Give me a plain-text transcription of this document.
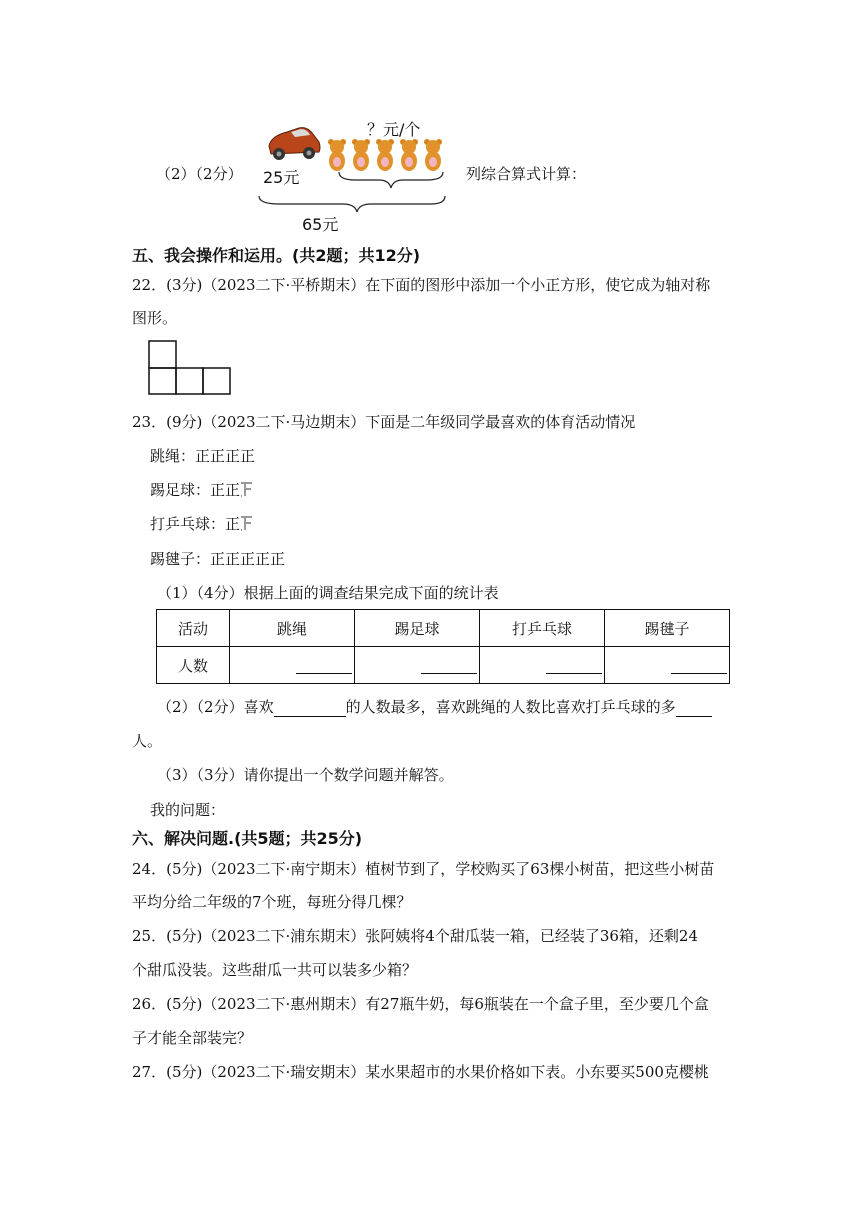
（2）（2分）
？元/个
25元
65元
列综合算式计算：
五、我会操作和运用。(共2题；共12分)
22．(3分)（2023二下·平桥期末）在下面的图形中添加一个小正方形，使它成为轴对称
图形。
23．(9分)（2023二下·马边期末）下面是二年级同学最喜欢的体育活动情况
跳绳：正正正正
踢足球：正正
打乒乓球：正
踢毽子：正正正正正
（1）（4分）根据上面的调查结果完成下面的统计表
活动	跳绳	踢足球	打乒乓球	踢毽子
人数	

（2）（2分）喜欢	的人数最多，喜欢跳绳的人数比喜欢打乒乓球的多
人。
（3）（3分）请你提出一个数学问题并解答。
我的问题：
六、解决问题.(共5题；共25分)
24．(5分)（2023二下·南宁期末）植树节到了，学校购买了63棵小树苗，把这些小树苗
平均分给二年级的7个班，每班分得几棵？
25．(5分)（2023二下·浦东期末）张阿姨将4个甜瓜装一箱，已经装了36箱，还剩24
个甜瓜没装。这些甜瓜一共可以装多少箱？
26．(5分)（2023二下·惠州期末）有27瓶牛奶，每6瓶装在一个盒子里，至少要几个盒
子才能全部装完？
27．(5分)（2023二下·瑞安期末）某水果超市的水果价格如下表。小东要买500克樱桃
